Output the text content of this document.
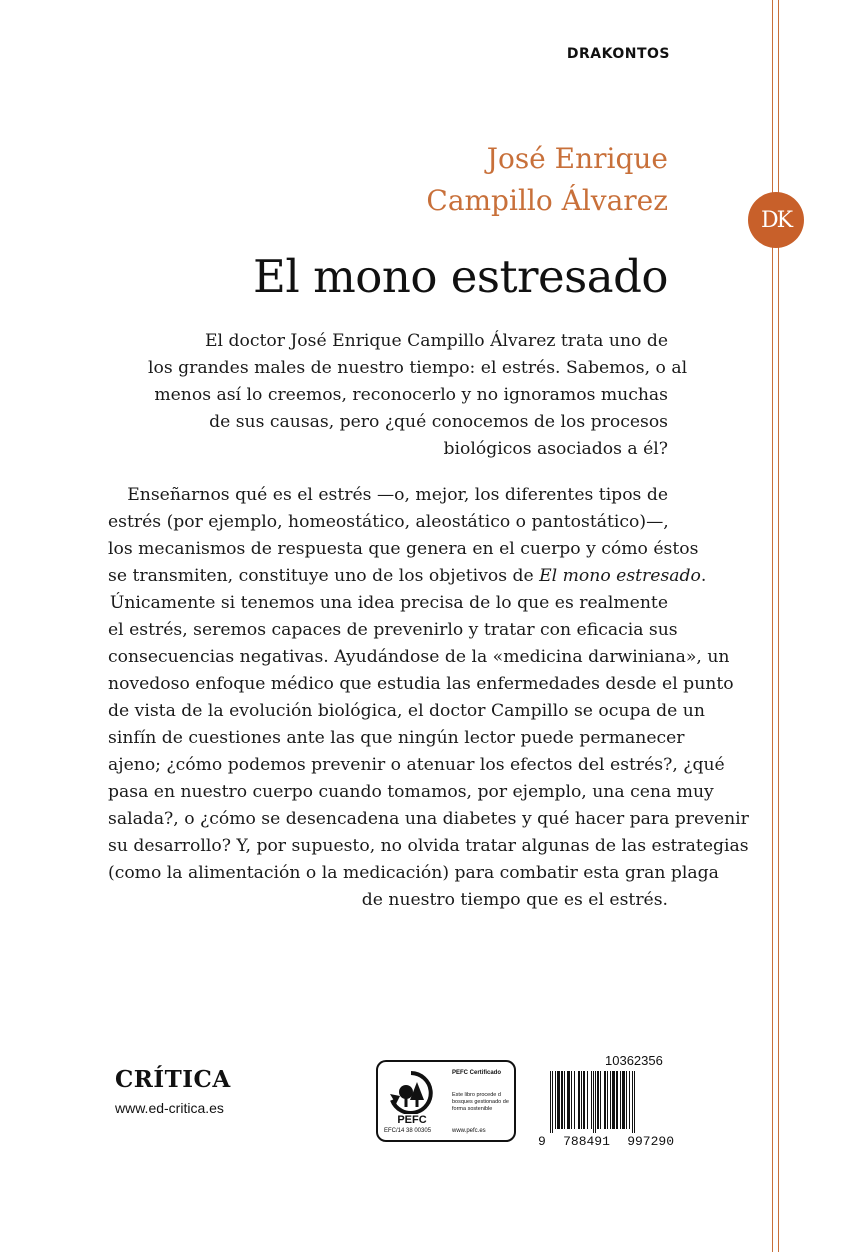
DRAKONTOS
José Enrique
Campillo Álvarez
DK
El mono estresado
El doctor José Enrique Campillo Álvarez trata uno de
los grandes males de nuestro tiempo: el estrés. Sabemos, o al
menos así lo creemos, reconocerlo y no ignoramos muchas
de sus causas, pero ¿qué conocemos de los procesos
biológicos asociados a él?
Enseñarnos qué es el estrés —o, mejor, los diferentes tipos de
estrés (por ejemplo, homeostático, aleostático o pantostático)—,
los mecanismos de respuesta que genera en el cuerpo y cómo éstos
se transmiten, constituye uno de los objetivos de El mono estresado.
Únicamente si tenemos una idea precisa de lo que es realmente
el estrés, seremos capaces de prevenirlo y tratar con eficacia sus
consecuencias negativas. Ayudándose de la «medicina darwiniana», un
novedoso enfoque médico que estudia las enfermedades desde el punto
de vista de la evolución biológica, el doctor Campillo se ocupa de un
sinfín de cuestiones ante las que ningún lector puede permanecer
ajeno; ¿cómo podemos prevenir o atenuar los efectos del estrés?, ¿qué
pasa en nuestro cuerpo cuando tomamos, por ejemplo, una cena muy
salada?, o ¿cómo se desencadena una diabetes y qué hacer para prevenir
su desarrollo? Y, por supuesto, no olvida tratar algunas de las estrategias
(como la alimentación o la medicación) para combatir esta gran plaga
de nuestro tiempo que es el estrés.
CRÍTICA
www.ed-critica.es
PEFC
EFC/14 38 00305
PEFC Certificado
Este libro procede d bosques gestionado de forma sostenible
www.pefc.es
10362356
9 788491 997290
